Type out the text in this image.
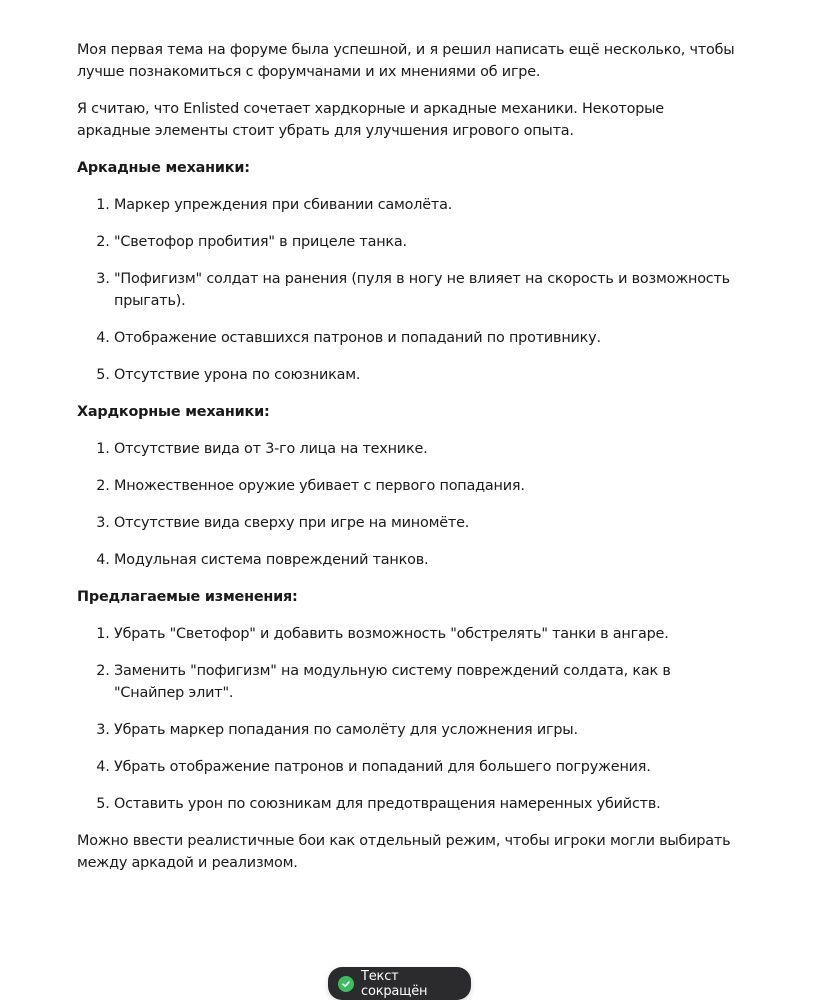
Моя первая тема на форуме была успешной, и я решил написать ещё несколько, чтобы лучше познакомиться с форумчанами и их мнениями об игре.

Я считаю, что Enlisted сочетает хардкорные и аркадные механики. Некоторые аркадные элементы стоит убрать для улучшения игрового опыта.

Аркадные механики:

1. Маркер упреждения при сбивании самолёта.
2. "Светофор пробития" в прицеле танка.
3. "Пофигизм" солдат на ранения (пуля в ногу не влияет на скорость и возможность прыгать).
4. Отображение оставшихся патронов и попаданий по противнику.
5. Отсутствие урона по союзникам.

Хардкорные механики:

1. Отсутствие вида от 3-го лица на технике.
2. Множественное оружие убивает с первого попадания.
3. Отсутствие вида сверху при игре на миномёте.
4. Модульная система повреждений танков.

Предлагаемые изменения:

1. Убрать "Светофор" и добавить возможность "обстрелять" танки в ангаре.
2. Заменить "пофигизм" на модульную систему повреждений солдата, как в "Снайпер элит".
3. Убрать маркер попадания по самолёту для усложнения игры.
4. Убрать отображение патронов и попаданий для большего погружения.
5. Оставить урон по союзникам для предотвращения намеренных убийств.

Можно ввести реалистичные бои как отдельный режим, чтобы игроки могли выбирать между аркадой и реализмом.

Текст сокращён
